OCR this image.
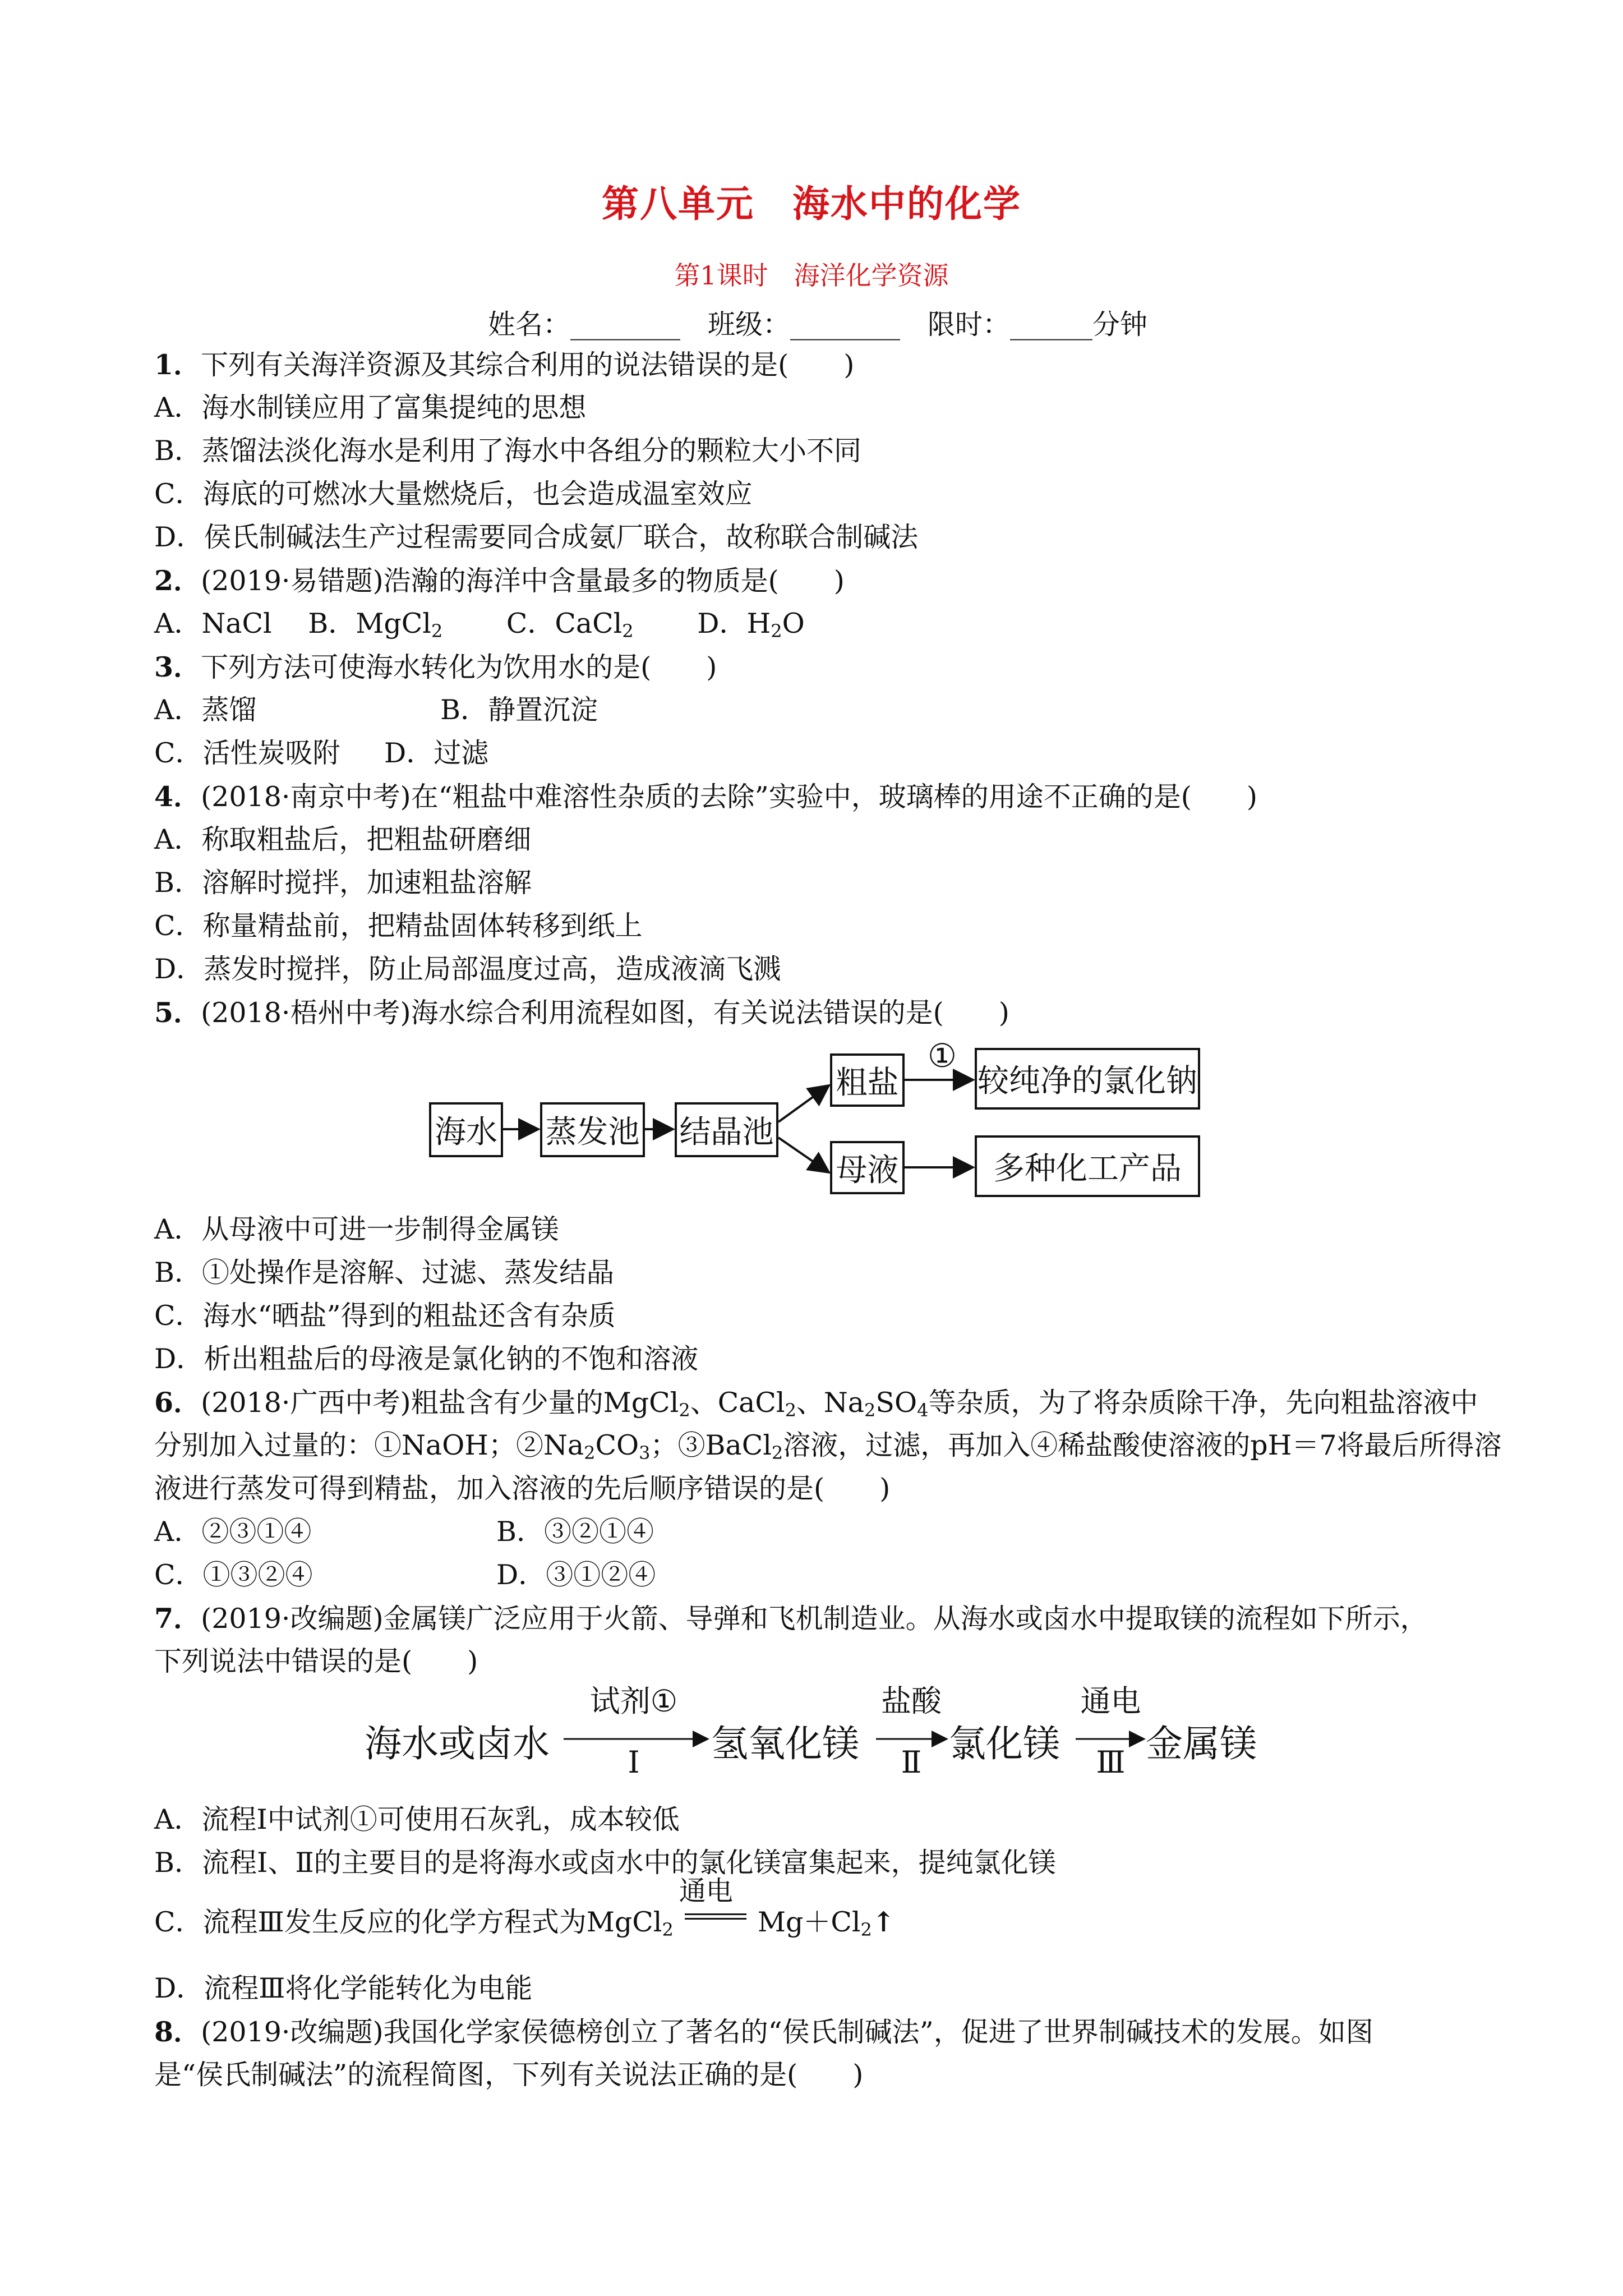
第八单元　海水中的化学
第1课时　海洋化学资源
姓名：________　班级：________　限时：______分钟
1．下列有关海洋资源及其综合利用的说法错误的是(　　)
A．海水制镁应用了富集提纯的思想
B．蒸馏法淡化海水是利用了海水中各组分的颗粒大小不同
C．海底的可燃冰大量燃烧后，也会造成温室效应
D．侯氏制碱法生产过程需要同合成氨厂联合，故称联合制碱法
2．(2019·易错题)浩瀚的海洋中含量最多的物质是(　　)
A．NaCl　 B．MgCl$_2$　　 C．CaCl$_2$　　 D．$H_2O$
3．下列方法可使海水转化为饮用水的是(　　)
A．蒸馏	B．静置沉淀
C．活性炭吸附 D．过滤
4．(2018·南京中考)在“粗盐中难溶性杂质的去除”实验中，玻璃棒的用途不正确的是(　　)
A．称取粗盐后，把粗盐研磨细
B．溶解时搅拌，加速粗盐溶解
C．称量精盐前，把精盐固体转移到纸上
D．蒸发时搅拌，防止局部温度过高，造成液滴飞溅
5．(2018·梧州中考)海水综合利用流程如图，有关说法错误的是(　　)
海水 蒸发池 结晶池
粗盐
母液
较纯净的氯化钠
多种化工产品
①
A．从母液中可进一步制得金属镁
B．①处操作是溶解、过滤、蒸发结晶
C．海水“晒盐”得到的粗盐还含有杂质
D．析出粗盐后的母液是氯化钠的不饱和溶液
6．(2018·广西中考)粗盐含有少量的MgCl$_2$、CaCl$_2$、$Na_2SO_4$等杂质，为了将杂质除干净，先向粗盐溶液中
分别加入过量的：①NaOH；$②Na_2CO_3$；③BaCl$_2$溶液，过滤，再加入④稀盐酸使溶液的pH＝7将最后所得溶
液进行蒸发可得到精盐，加入溶液的先后顺序错误的是(　　)
A．②③①④	B．③②①④
C．①③②④	D．③①②④
7．(2019·改编题)金属镁广泛应用于火箭、导弹和飞机制造业。从海水或卤水中提取镁的流程如下所示，
下列说法中错误的是(　　)
海水或卤水
试剂①
Ⅰ	氢氧化镁
盐酸
Ⅱ 氯化镁
通电
Ⅲ 金属镁
A．流程Ⅰ中试剂①可使用石灰乳，成本较低
B．流程Ⅰ、Ⅱ的主要目的是将海水或卤水中的氯化镁富集起来，提纯氯化镁
C．流程Ⅲ发生反应的化学方程式为MgCl$_2$
通电
$Mg+Cl_2↑$
D．流程Ⅲ将化学能转化为电能
8．(2019·改编题)我国化学家侯德榜创立了著名的“侯氏制碱法”，促进了世界制碱技术的发展。如图
是“侯氏制碱法”的流程简图，下列有关说法正确的是(　　)
